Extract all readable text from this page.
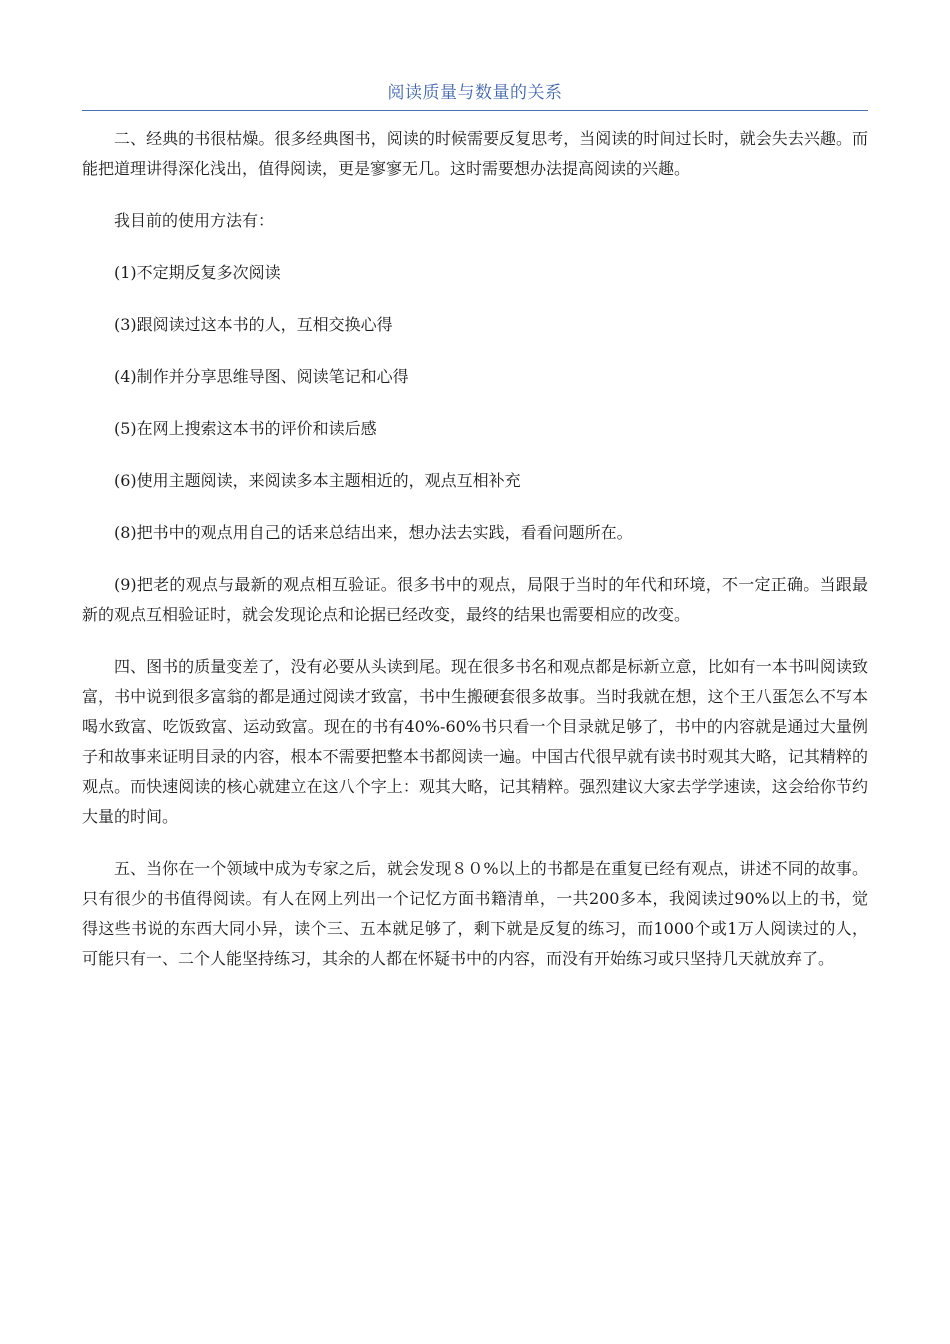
阅读质量与数量的关系

二、经典的书很枯燥。很多经典图书，阅读的时候需要反复思考，当阅读的时间过长时，就会失去兴趣。而能把道理讲得深化浅出，值得阅读，更是寥寥无几。这时需要想办法提高阅读的兴趣。

我目前的使用方法有：

(1)不定期反复多次阅读

(3)跟阅读过这本书的人，互相交换心得

(4)制作并分享思维导图、阅读笔记和心得

(5)在网上搜索这本书的评价和读后感

(6)使用主题阅读，来阅读多本主题相近的，观点互相补充

(8)把书中的观点用自己的话来总结出来，想办法去实践，看看问题所在。

(9)把老的观点与最新的观点相互验证。很多书中的观点，局限于当时的年代和环境，不一定正确。当跟最新的观点互相验证时，就会发现论点和论据已经改变，最终的结果也需要相应的改变。

四、图书的质量变差了，没有必要从头读到尾。现在很多书名和观点都是标新立意，比如有一本书叫阅读致富，书中说到很多富翁的都是通过阅读才致富，书中生搬硬套很多故事。当时我就在想，这个王八蛋怎么不写本喝水致富、吃饭致富、运动致富。现在的书有40%-60%书只看一个目录就足够了，书中的内容就是通过大量例子和故事来证明目录的内容，根本不需要把整本书都阅读一遍。中国古代很早就有读书时观其大略，记其精粹的观点。而快速阅读的核心就建立在这八个字上：观其大略，记其精粹。强烈建议大家去学学速读，这会给你节约大量的时间。

五、当你在一个领域中成为专家之后，就会发现８０%以上的书都是在重复已经有观点，讲述不同的故事。只有很少的书值得阅读。有人在网上列出一个记忆方面书籍清单，一共200多本，我阅读过90%以上的书，觉得这些书说的东西大同小异，读个三、五本就足够了，剩下就是反复的练习，而1000个或1万人阅读过的人，可能只有一、二个人能坚持练习，其余的人都在怀疑书中的内容，而没有开始练习或只坚持几天就放弃了。
